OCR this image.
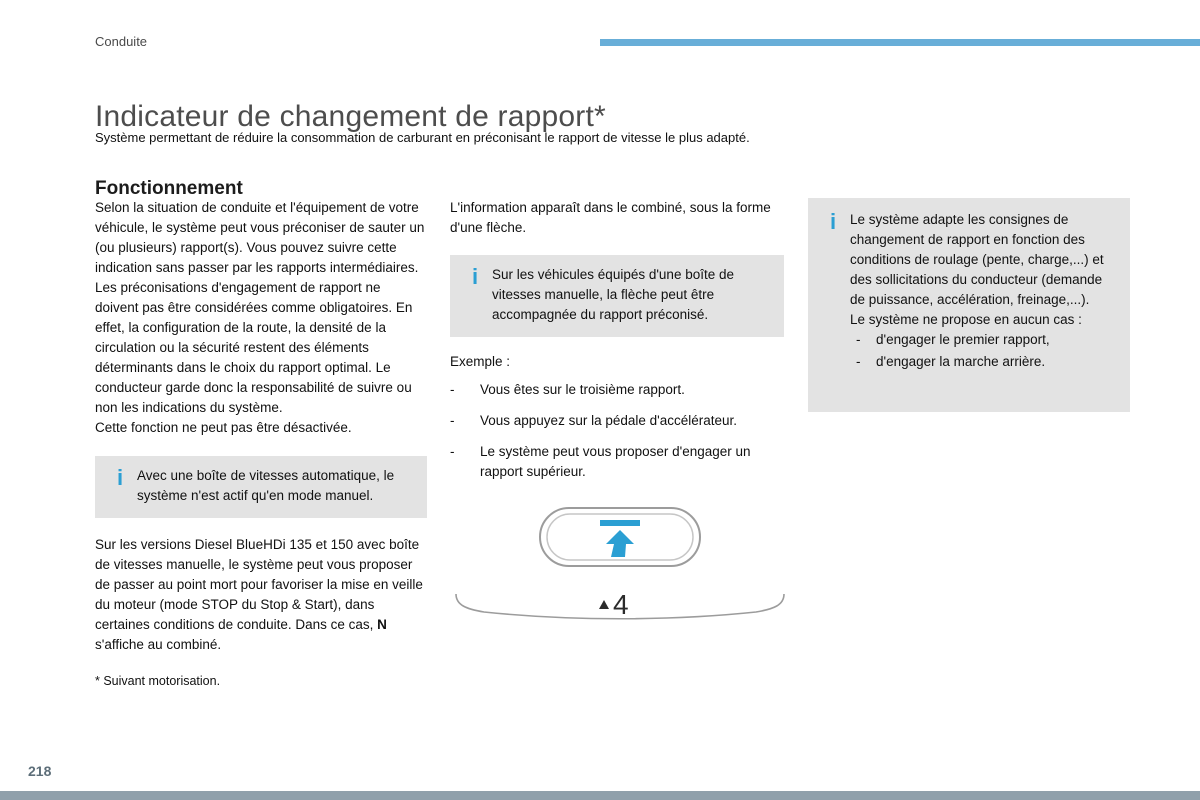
Conduite
Indicateur de changement de rapport*
Système permettant de réduire la consommation de carburant en préconisant le rapport de vitesse le plus adapté.
Fonctionnement

Selon la situation de conduite et l'équipement de votre véhicule, le système peut vous préconiser de sauter un (ou plusieurs) rapport(s). Vous pouvez suivre cette indication sans passer par les rapports intermédiaires. Les préconisations d'engagement de rapport ne doivent pas être considérées comme obligatoires. En effet, la configuration de la route, la densité de la circulation ou la sécurité restent des éléments déterminants dans le choix du rapport optimal. Le conducteur garde donc la responsabilité de suivre ou non les indications du système.

Cette fonction ne peut pas être désactivée.

i	Avec une boîte de vitesses automatique, le système n'est actif qu'en mode manuel.

Sur les versions Diesel BlueHDi 135 et 150 avec boîte de vitesses manuelle, le système peut vous proposer de passer au point mort pour favoriser la mise en veille du moteur (mode STOP du Stop & Start), dans certaines conditions de conduite. Dans ce cas, N s'affiche au combiné.

* Suivant motorisation.

L'information apparaît dans le combiné, sous la forme d'une flèche.

i	Sur les véhicules équipés d'une boîte de vitesses manuelle, la flèche peut être accompagnée du rapport préconisé.

Exemple :

-	Vous êtes sur le troisième rapport.
-	Vous appuyez sur la pédale d'accélérateur.
-	Le système peut vous proposer d'engager un rapport supérieur.
4
i	Le système adapte les consignes de changement de rapport en fonction des conditions de roulage (pente, charge,...) et des sollicitations du conducteur (demande de puissance, accélération, freinage,...).

Le système ne propose en aucun cas :

-	d'engager le premier rapport,
-	d'engager la marche arrière.
218
